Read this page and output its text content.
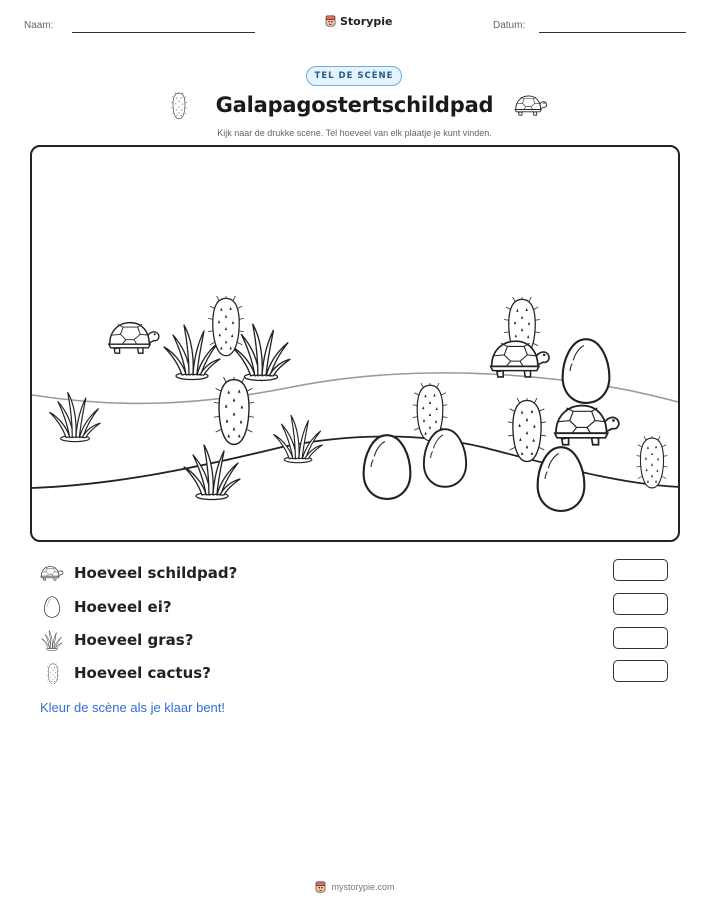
Naam:	Storypie	Datum:
TEL DE SCÈNE
Galapagostertschildpad
Kijk naar de drukke scène. Tel hoeveel van elk plaatje je kunt vinden.
Hoeveel schildpad?
Hoeveel ei?
Hoeveel gras?
Hoeveel cactus?
Kleur de scène als je klaar bent!
mystorypie.com
